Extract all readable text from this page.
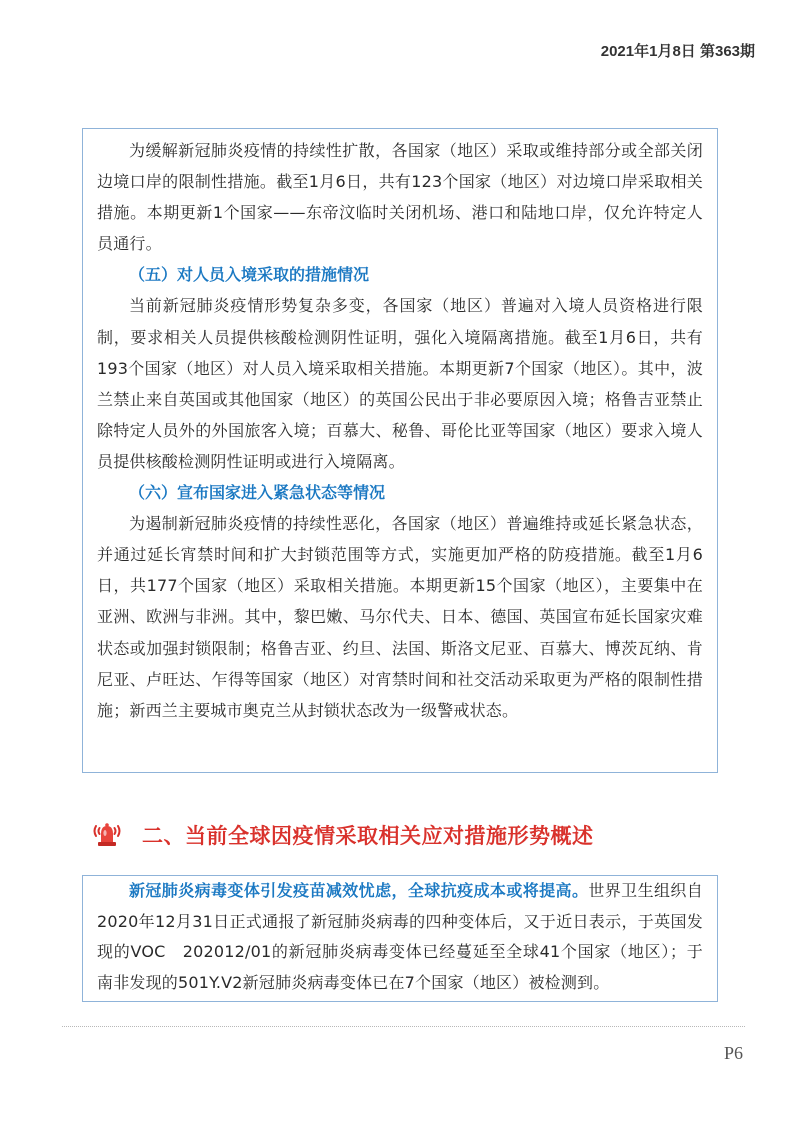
2021年1月8日 第363期

为缓解新冠肺炎疫情的持续性扩散，各国家（地区）采取或维持部分或全部关闭边境口岸的限制性措施。截至1月6日，共有123个国家（地区）对边境口岸采取相关措施。本期更新1个国家——东帝汶临时关闭机场、港口和陆地口岸，仅允许特定人员通行。

（五）对人员入境采取的措施情况

当前新冠肺炎疫情形势复杂多变，各国家（地区）普遍对入境人员资格进行限制，要求相关人员提供核酸检测阴性证明，强化入境隔离措施。截至1月6日，共有193个国家（地区）对人员入境采取相关措施。本期更新7个国家（地区）。其中，波兰禁止来自英国或其他国家（地区）的英国公民出于非必要原因入境；格鲁吉亚禁止除特定人员外的外国旅客入境；百慕大、秘鲁、哥伦比亚等国家（地区）要求入境人员提供核酸检测阴性证明或进行入境隔离。

（六）宣布国家进入紧急状态等情况

为遏制新冠肺炎疫情的持续性恶化，各国家（地区）普遍维持或延长紧急状态，并通过延长宵禁时间和扩大封锁范围等方式，实施更加严格的防疫措施。截至1月6日，共177个国家（地区）采取相关措施。本期更新15个国家（地区），主要集中在亚洲、欧洲与非洲。其中，黎巴嫩、马尔代夫、日本、德国、英国宣布延长国家灾难状态或加强封锁限制；格鲁吉亚、约旦、法国、斯洛文尼亚、百慕大、博茨瓦纳、肯尼亚、卢旺达、乍得等国家（地区）对宵禁时间和社交活动采取更为严格的限制性措施；新西兰主要城市奥克兰从封锁状态改为一级警戒状态。

二、当前全球因疫情采取相关应对措施形势概述

新冠肺炎病毒变体引发疫苗减效忧虑，全球抗疫成本或将提高。世界卫生组织自2020年12月31日正式通报了新冠肺炎病毒的四种变体后，又于近日表示，于英国发现的VOC　202012/01的新冠肺炎病毒变体已经蔓延至全球41个国家（地区）；于南非发现的501Y.V2新冠肺炎病毒变体已在7个国家（地区）被检测到。

P6
